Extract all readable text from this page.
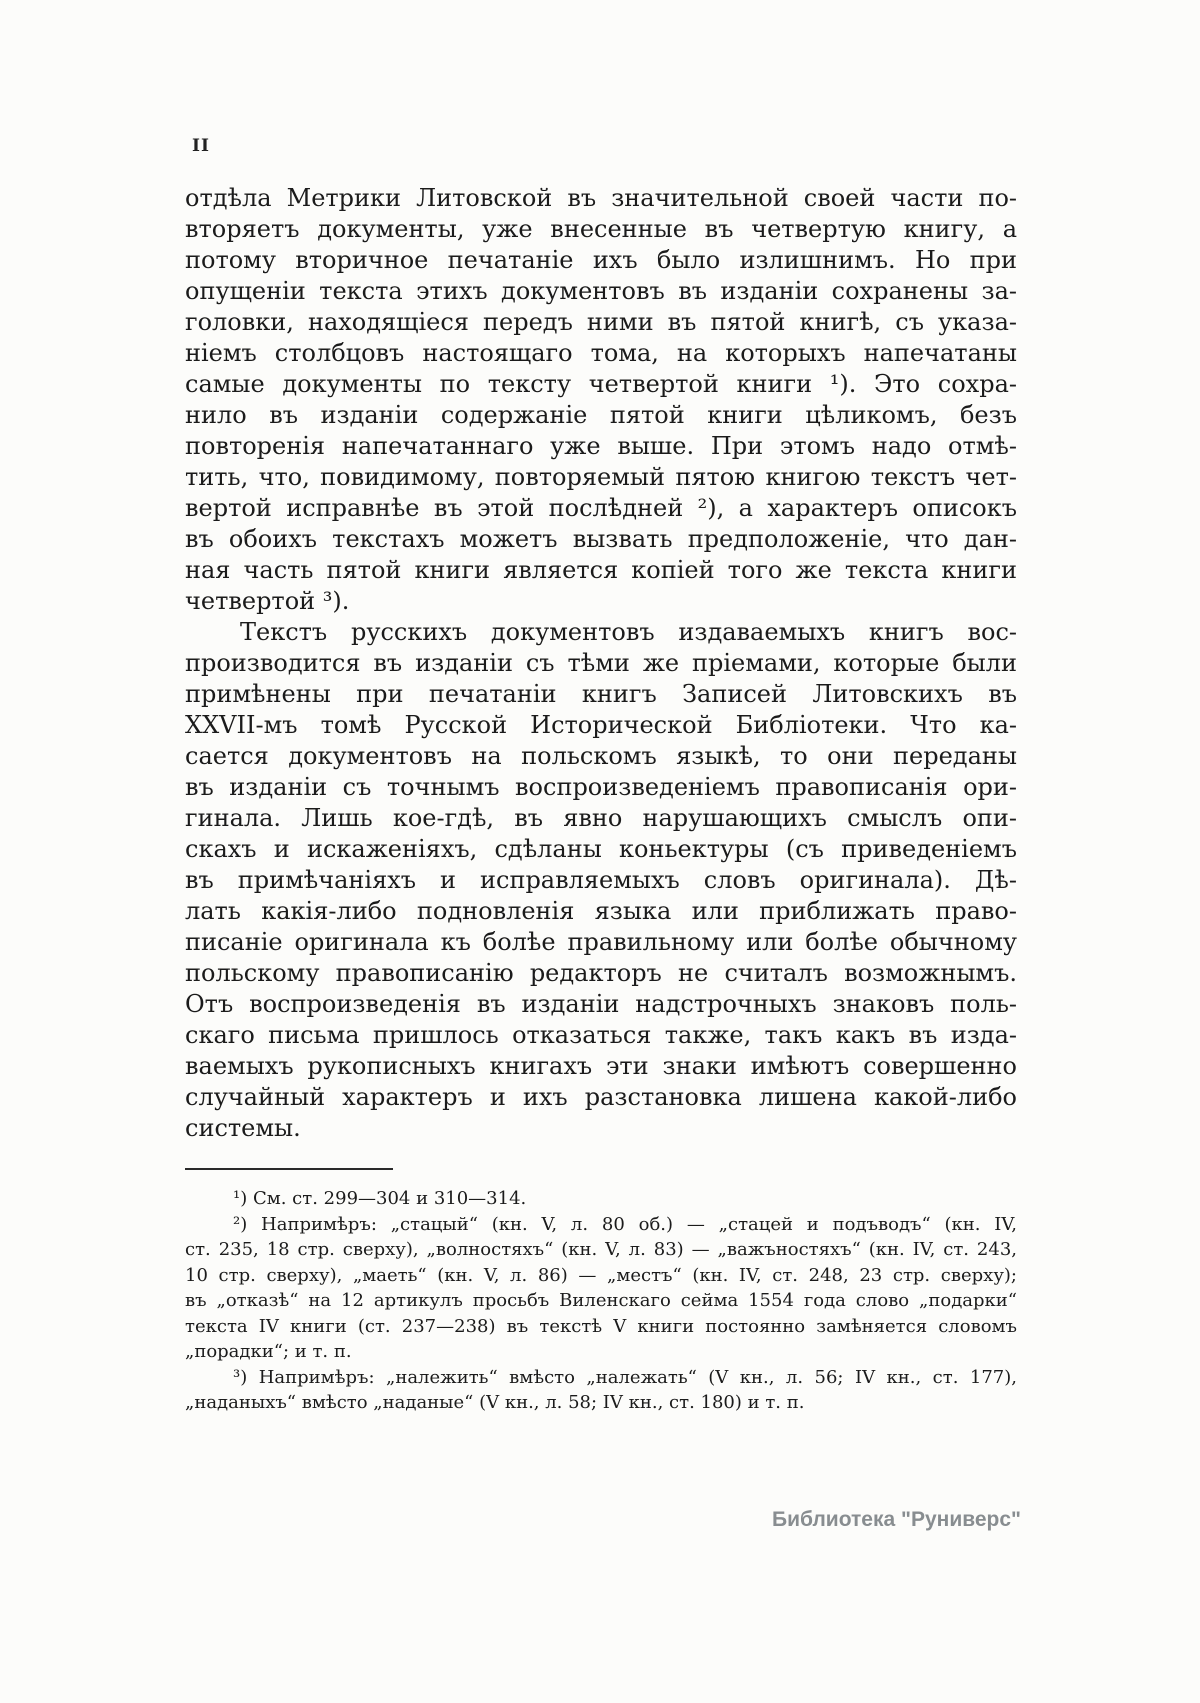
II
отдѣла Метрики Литовской въ значительной своей части по-
вторяетъ документы, уже внесенные въ четвертую книгу, а
потому вторичное печатаніе ихъ было излишнимъ. Но при
опущеніи текста этихъ документовъ въ изданіи сохранены за-
головки, находящіеся передъ ними въ пятой книгѣ, съ указа-
ніемъ столбцовъ настоящаго тома, на которыхъ напечатаны
самые документы по тексту четвертой книги ¹). Это сохра-
нило въ изданіи содержаніе пятой книги цѣликомъ, безъ
повторенія напечатаннаго уже выше. При этомъ надо отмѣ-
тить, что, повидимому, повторяемый пятою книгою текстъ чет-
вертой исправнѣе въ этой послѣдней ²), а характеръ описокъ
въ обоихъ текстахъ можетъ вызвать предположеніе, что дан-
ная часть пятой книги является копіей того же текста книги
четвертой ³).
Текстъ русскихъ документовъ издаваемыхъ книгъ вос-
производится въ изданіи съ тѣми же пріемами, которые были
примѣнены при печатаніи книгъ Записей Литовскихъ въ
XXVII-мъ томѣ Русской Исторической Библіотеки. Что ка-
сается документовъ на польскомъ языкѣ, то они переданы
въ изданіи съ точнымъ воспроизведеніемъ правописанія ори-
гинала. Лишь кое-гдѣ, въ явно нарушающихъ смыслъ опи-
скахъ и искаженіяхъ, сдѣланы коньектуры (съ приведеніемъ
въ примѣчаніяхъ и исправляемыхъ словъ оригинала). Дѣ-
лать какія-либо подновленія языка или приближать право-
писаніе оригинала къ болѣе правильному или болѣе обычному
польскому правописанію редакторъ не считалъ возможнымъ.
Отъ воспроизведенія въ изданіи надстрочныхъ знаковъ поль-
скаго письма пришлось отказаться также, такъ какъ въ изда-
ваемыхъ рукописныхъ книгахъ эти знаки имѣютъ совершенно
случайный характеръ и ихъ разстановка лишена какой-либо
системы.
¹) См. ст. 299—304 и 310—314.
²) Напримѣръ: „стацый“ (кн. V, л. 80 об.) — „стацей и подъводъ“ (кн. IV,
ст. 235, 18 стр. сверху), „волностяхъ“ (кн. V, л. 83) — „важъностяхъ“ (кн. IV, ст. 243,
10 стр. сверху), „маеть“ (кн. V, л. 86) — „местъ“ (кн. IV, ст. 248, 23 стр. сверху);
въ „отказѣ“ на 12 артикулъ просьбъ Виленскаго сейма 1554 года слово „подарки“
текста IV книги (ст. 237—238) въ текстѣ V книги постоянно замѣняется словомъ
„порадки“; и т. п.
³) Напримѣръ: „належить“ вмѣсто „належать“ (V кн., л. 56; IV кн., ст. 177),
„наданыхъ“ вмѣсто „наданые“ (V кн., л. 58; IV кн., ст. 180) и т. п.
Библиотека "Руниверс"
